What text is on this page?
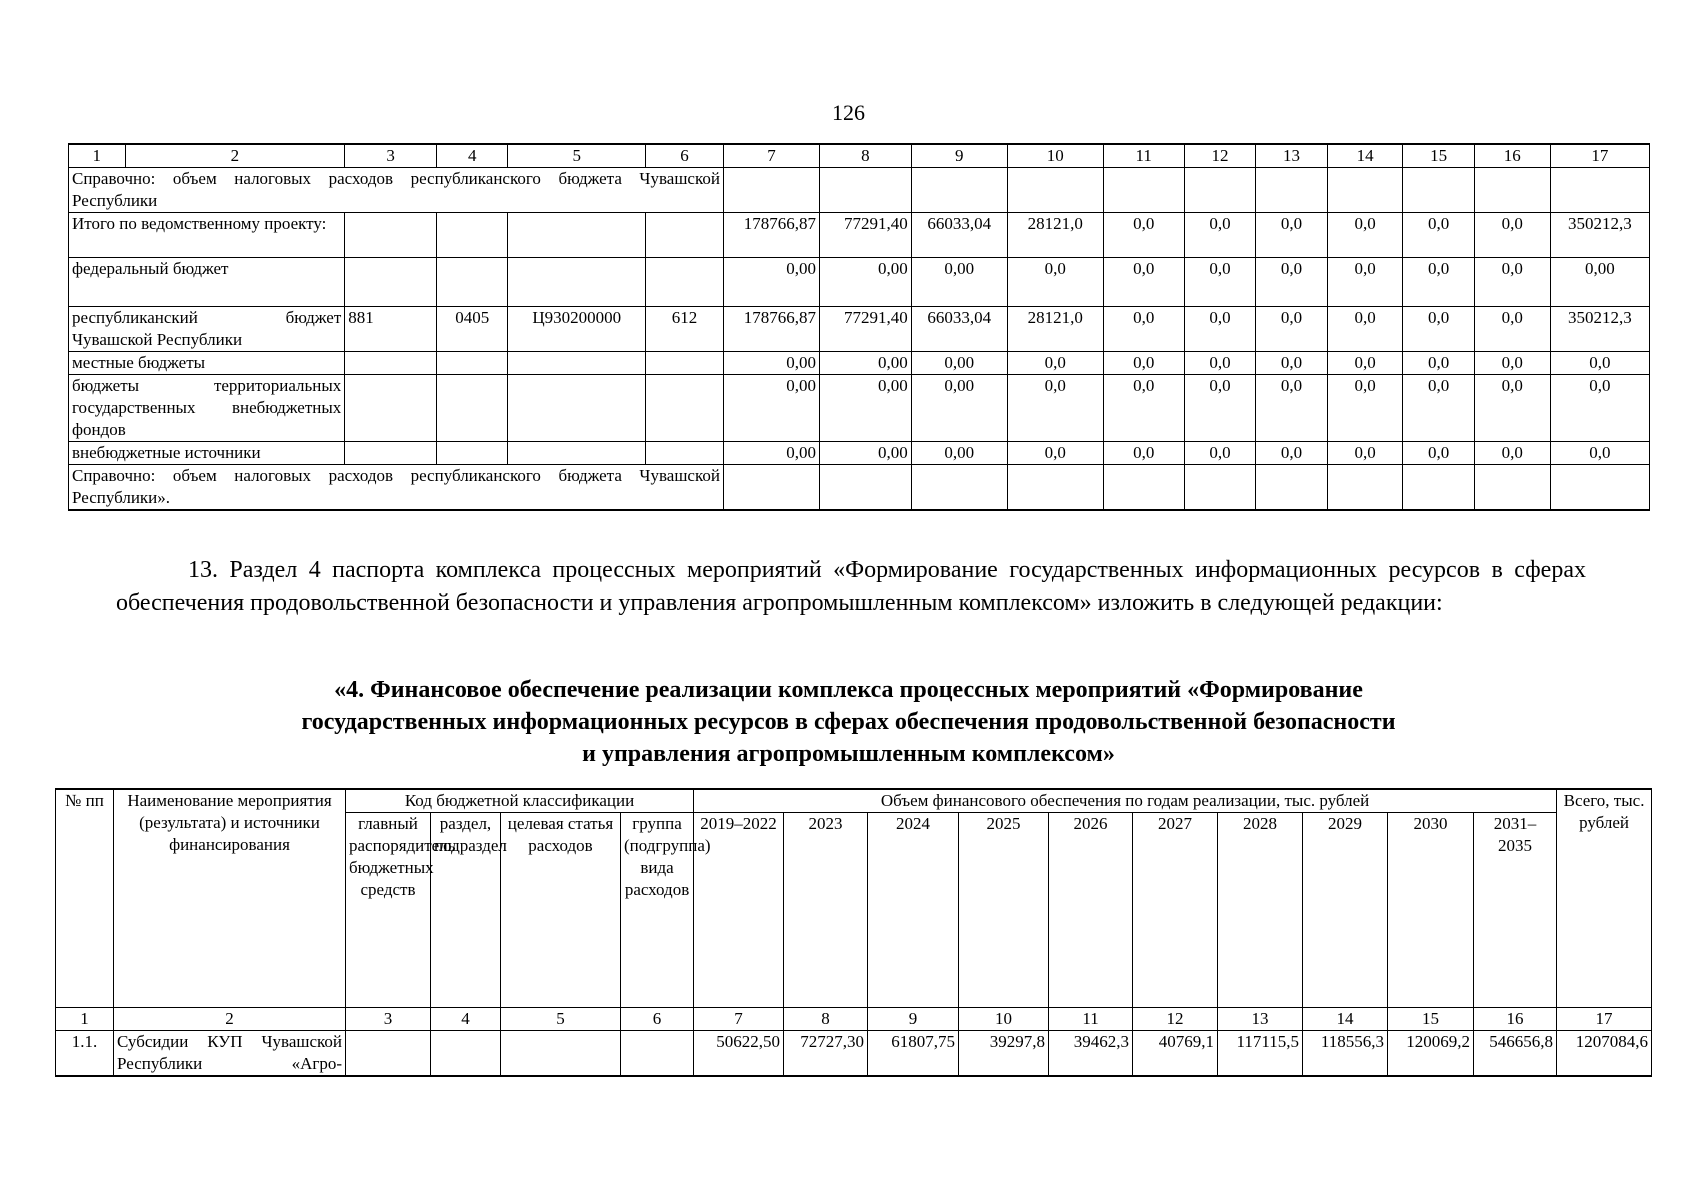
126
1	2	3	4	5	6	7	8	9	10	11	12	13	14	15	16	17
Справочно: объем налоговых расходов республиканского бюджета Чувашской Республики																
Итого по ведомственному проекту:						178766,87	77291,40	66033,04	28121,0	0,0	0,0	0,0	0,0	0,0	0,0	350212,3
федеральный бюджет						0,00	0,00	0,00	0,0	0,0	0,0	0,0	0,0	0,0	0,0	0,00
республиканский бюджет Чувашской Республики		881	0405	Ц930200000	612	178766,87	77291,40	66033,04	28121,0	0,0	0,0	0,0	0,0	0,0	0,0	350212,3
местные бюджеты						0,00	0,00	0,00	0,0	0,0	0,0	0,0	0,0	0,0	0,0	0,0
бюджеты территориальных государственных внебюджетных фондов						0,00	0,00	0,00	0,0	0,0	0,0	0,0	0,0	0,0	0,0	0,0
внебюджетные источники						0,00	0,00	0,00	0,0	0,0	0,0	0,0	0,0	0,0	0,0	0,0
Справочно: объем налоговых расходов республиканского бюджета Чувашской Республики».																
13. Раздел 4 паспорта комплекса процессных мероприятий «Формирование государственных информационных ресурсов в сферах обеспечения продовольственной безопасности и управления агропромышленным комплексом» изложить в следующей редакции:
«4. Финансовое обеспечение реализации комплекса процессных мероприятий «Формирование
государственных информационных ресурсов в сферах обеспечения продовольственной безопасности
и управления агропромышленным комплексом»
№ пп	Наименование мероприятия (результата) и источники финансирования	Код бюджетной классификации				Объем финансового обеспечения по годам реализации, тыс. рублей										Всего, тыс. рублей
		главный распорядитель бюджетных средств	раздел, подраздел	целевая статья расходов	группа (подгруппа) вида расходов	2019–2022	2023	2024	2025	2026	2027	2028	2029	2030	2031–2035	
1	2	3	4	5	6	7	8	9	10	11	12	13	14	15	16	17
1.1.	Субсидии КУП Чувашской Республики «Агро-					50622,50	72727,30	61807,75	39297,8	39462,3	40769,1	117115,5	118556,3	120069,2	546656,8	1207084,6
